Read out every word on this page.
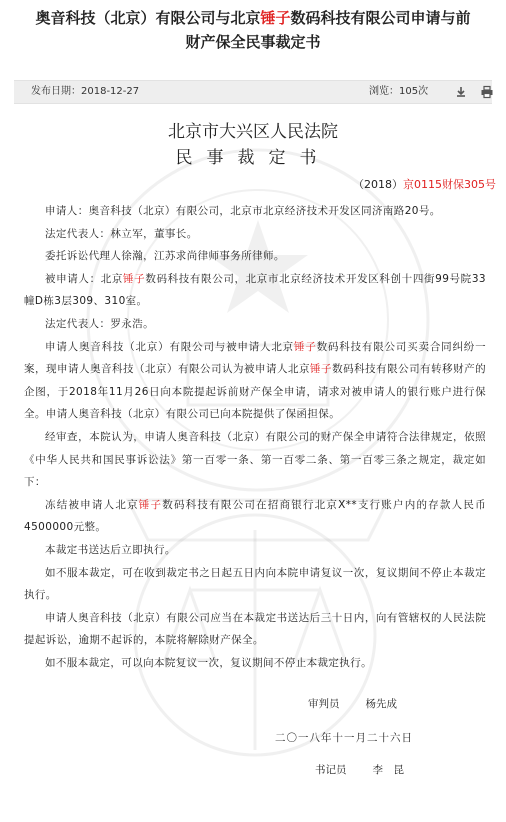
奥音科技（北京）有限公司与北京锤子数码科技有限公司申请与前
财产保全民事裁定书
发布日期：2018-12-27	浏览：105次
北京市大兴区人民法院
民事裁定书
（2018）京0115财保305号

申请人：奥音科技（北京）有限公司，北京市北京经济技术开发区同济南路20号。

法定代表人：林立军，董事长。

委托诉讼代理人徐瀚，江苏求尚律师事务所律师。

被申请人：北京锤子数码科技有限公司，北京市北京经济技术开发区科创十四街99号院33幢D栋3层309、310室。

法定代表人：罗永浩。

申请人奥音科技（北京）有限公司与被申请人北京锤子数码科技有限公司买卖合同纠纷一案，现申请人奥音科技（北京）有限公司认为被申请人北京锤子数码科技有限公司有转移财产的企图，于2018年11月26日向本院提起诉前财产保全申请，请求对被申请人的银行账户进行保全。申请人奥音科技（北京）有限公司已向本院提供了保函担保。

经审查，本院认为，申请人奥音科技（北京）有限公司的财产保全申请符合法律规定，依照《中华人民共和国民事诉讼法》第一百零一条、第一百零二条、第一百零三条之规定，裁定如下：

冻结被申请人北京锤子数码科技有限公司在招商银行北京X**支行账户内的存款人民币4500000元整。

本裁定书送达后立即执行。

如不服本裁定，可在收到裁定书之日起五日内向本院申请复议一次，复议期间不停止本裁定执行。

申请人奥音科技（北京）有限公司应当在本裁定书送达后三十日内，向有管辖权的人民法院提起诉讼，逾期不起诉的，本院将解除财产保全。

如不服本裁定，可以向本院复议一次，复议期间不停止本裁定执行。

审判员 杨先成
二〇一八年十一月二十六日
书记员 李　昆
